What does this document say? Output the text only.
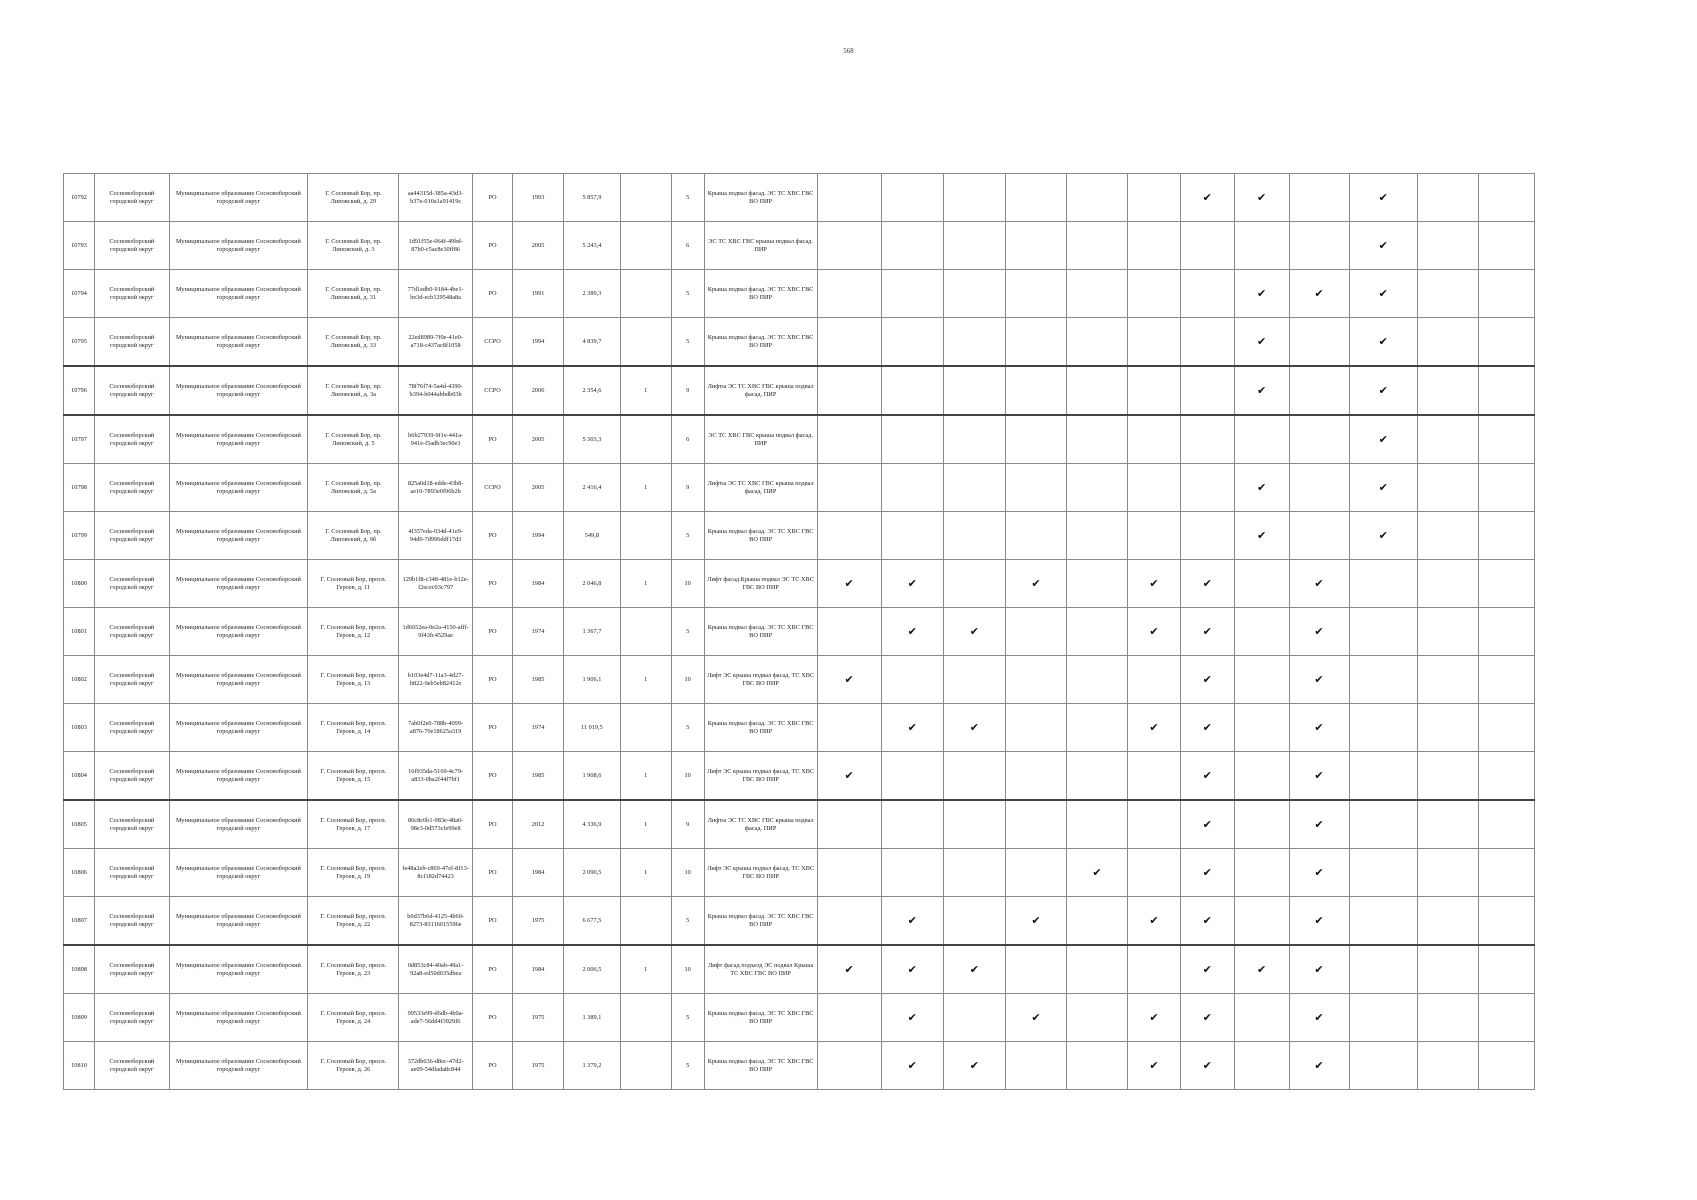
568
10792	Сосновоборский городской округ	Муниципальное образование Сосновоборский городской округ	Г. Сосновый Бор, пр. Липовский, д. 29	aa44315d-385a-43d3-b37e-010a1a91419c	РО	1993	5 857,9		5	Крыша подвал фасад. ЭС ТС ХВС ГВС ВО ПИР							✔	✔		✔		
10793	Сосновоборский городской округ	Муниципальное образование Сосновоборский городской округ	Г. Сосновый Бор, пр. Липовский, д. 3	1d91f55e-064f-49bd-87b0-c5ac8e30ff86	РО	2005	5 243,4		6	ЭС ТС ХВС ГВС крыша подвал фасад. ПИР										✔		
10794	Сосновоборский городской округ	Муниципальное образование Сосновоборский городской округ	Г. Сосновый Бор, пр. Липовский, д. 31	77d1edb0-9184-4be1-be3d-ecb129548a8a	РО	1991	2 389,3		5	Крыша подвал фасад. ЭС ТС ХВС ГВС ВО ПИР								✔	✔	✔		
10795	Сосновоборский городской округ	Муниципальное образование Сосновоборский городской округ	Г. Сосновый Бор, пр. Липовский, д. 33	22ed8989-7f0e-41e0-a718-c437ac8f1058	ССРО	1994	4 839,7		5	Крыша подвал фасад. ЭС ТС ХВС ГВС ВО ПИР								✔		✔		
10796	Сосновоборский городской округ	Муниципальное образование Сосновоборский городской округ	Г. Сосновый Бор, пр. Липовский, д. 3а	78f76f74-5a4d-4390-b394-b044abbdb03b	ССРО	2006	2 354,6	1	9	Лифты ЭС ТС ХВС ГВС крыша подвал фасад. ПИР								✔		✔		
10797	Сосновоборский городской округ	Муниципальное образование Сосновоборский городской округ	Г. Сосновый Бор, пр. Липовский, д. 5	b6b27939-9f1e-441a-941e-f5adb3ec90e3	РО	2005	5 303,3		6	ЭС ТС ХВС ГВС крыша подвал фасад. ПИР										✔		
10798	Сосновоборский городской округ	Муниципальное образование Сосновоборский городской округ	Г. Сосновый Бор, пр. Липовский, д. 5а	825a0d18-edde-43b8-ae10-7893e0f96b2b	ССРО	2005	2 416,4	1	9	Лифты ЭС ТС ХВС ГВС крыша подвал фасад. ПИР								✔		✔		
10799	Сосновоборский городской округ	Муниципальное образование Сосновоборский городской округ	Г. Сосновый Бор, пр. Липовский, д. 9б	4f357eda-034d-41e9-94d0-7d996ddf17d3	РО	1994	549,8		5	Крыша подвал фасад. ЭС ТС ХВС ГВС ВО ПИР								✔		✔		
10800	Сосновоборский городской округ	Муниципальное образование Сосновоборский городской округ	Г. Сосновый Бор, просп. Героев, д. 11	129b1f8-c348-481e-b12e-f2ecec03c797	РО	1984	2 046,8	1	10	Лифт фасад.Крыша подвал ЭС ТС ХВС ГВС ВО ПИР	✔	✔		✔		✔	✔		✔			
10801	Сосновоборский городской округ	Муниципальное образование Сосновоборский городской округ	Г. Сосновый Бор, просп. Героев, д. 12	1d6652ea-0e2a-4150-afff-9f43fc4529ae	РО	1974	1 367,7		5	Крыша подвал фасад. ЭС ТС ХВС ГВС ВО ПИР		✔	✔			✔	✔		✔			
10802	Сосновоборский городской округ	Муниципальное образование Сосновоборский городской округ	Г. Сосновый Бор, просп. Героев, д. 13	b103e4d7-11a3-4d27-b822-9eb5eb82412e	РО	1985	1 906,1	1	10	Лифт ЭС крыша подвал фасад. ТС ХВС ГВС ВО ПИР	✔						✔		✔			
10803	Сосновоборский городской округ	Муниципальное образование Сосновоборский городской округ	Г. Сосновый Бор, просп. Героев, д. 14	7ab0f2e0-788b-4099-a876-70e18625a319	РО	1974	11 019,5		5	Крыша подвал фасад. ЭС ТС ХВС ГВС ВО ПИР		✔	✔			✔	✔		✔			
10804	Сосновоборский городской округ	Муниципальное образование Сосновоборский городской округ	Г. Сосновый Бор, просп. Героев, д. 15	16f935da-5169-4c79-a833-0ba2f44f7bf1	РО	1985	1 908,6	1	10	Лифт ЭС крыша подвал фасад. ТС ХВС ГВС ВО ПИР	✔						✔		✔			
10805	Сосновоборский городской округ	Муниципальное образование Сосновоборский городской округ	Г. Сосновый Бор, просп. Героев, д. 17	86c8c6b1-983e-48a0-98e3-0d573cfe99e8	РО	2012	4 336,9	1	9	Лифты ЭС ТС ХВС ГВС крыша подвал фасад. ПИР							✔		✔			
10806	Сосновоборский городской округ	Муниципальное образование Сосновоборский городской округ	Г. Сосновый Бор, просп. Героев, д. 19	fe48a2eb-c869-47ef-8f13-8cf182d74423	РО	1984	2 090,5	1	10	Лифт ЭС крыша подвал фасад. ТС ХВС ГВС ВО ПИР					✔		✔		✔			
10807	Сосновоборский городской округ	Муниципальное образование Сосновоборский городской округ	Г. Сосновый Бор, просп. Героев, д. 22	b0d37b6d-4125-4b60-8273-83116015596e	РО	1975	6 677,5		5	Крыша подвал фасад. ЭС ТС ХВС ГВС ВО ПИР		✔		✔		✔	✔		✔			
10808	Сосновоборский городской округ	Муниципальное образование Сосновоборский городской округ	Г. Сосновый Бор, просп. Героев, д. 23	0d853c84-40ab-49a1-92a8-ed50d035dbea	РО	1984	2 006,5	1	10	Лифт фасад подъезд ЭС подвал Крыша ТС ХВС ГВС ВО ПИР	✔	✔	✔				✔	✔	✔			
10809	Сосновоборский городской округ	Муниципальное образование Сосновоборский городской округ	Г. Сосновый Бор, просп. Героев, д. 24	99533e99-d6db-4b0a-ade7-56dd4f3929f6	РО	1975	1 389,1		5	Крыша подвал фасад. ЭС ТС ХВС ГВС ВО ПИР		✔		✔		✔	✔		✔			
10810	Сосновоборский городской округ	Муниципальное образование Сосновоборский городской округ	Г. Сосновый Бор, просп. Героев, д. 26	372db636-d8ec-47d2-ae09-54dfada8c844	РО	1975	1 379,2		5	Крыша подвал фасад. ЭС ТС ХВС ГВС ВО ПИР		✔	✔			✔	✔		✔			
